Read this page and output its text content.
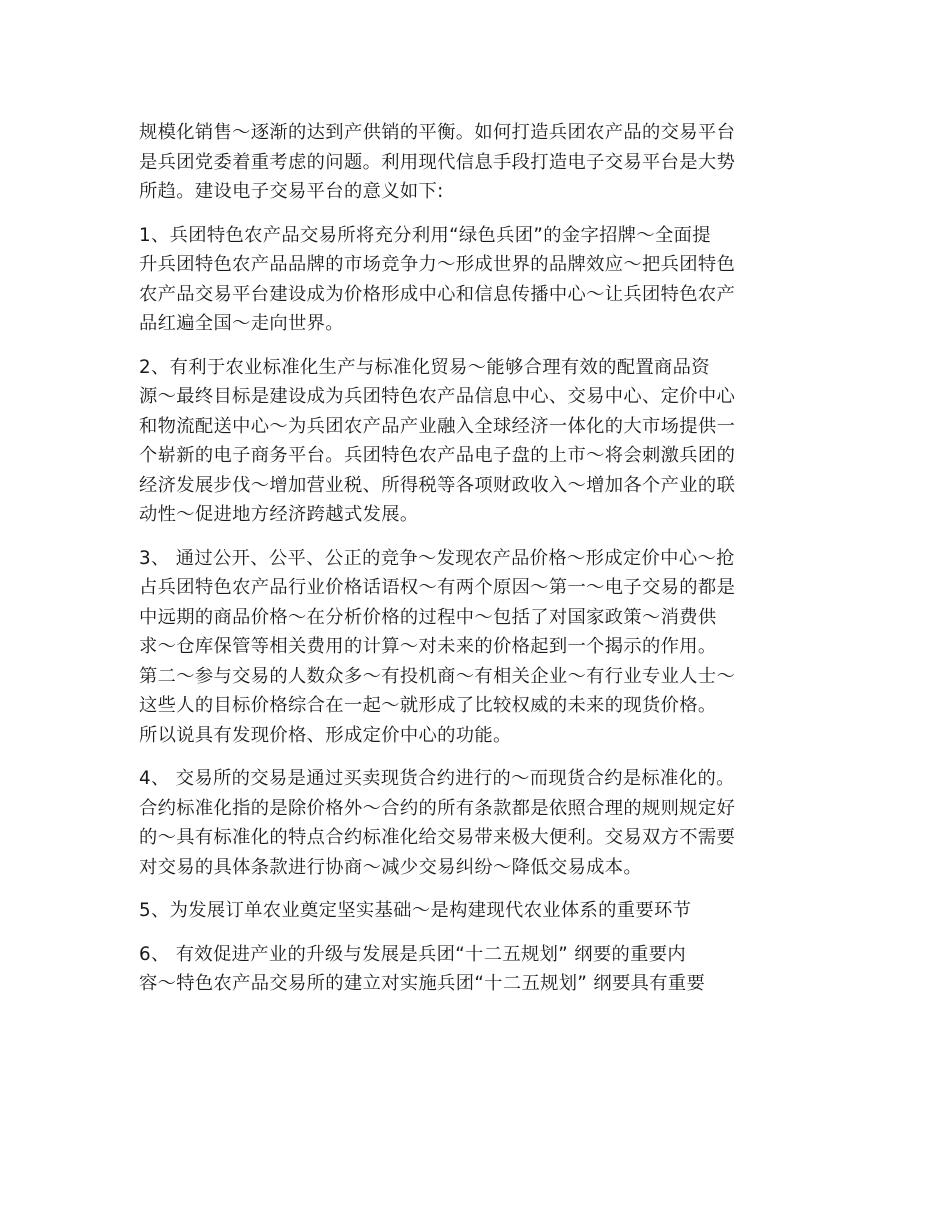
规模化销售～逐渐的达到产供销的平衡。如何打造兵团农产品的交易平台
是兵团党委着重考虑的问题。利用现代信息手段打造电子交易平台是大势
所趋。建设电子交易平台的意义如下:

1、兵团特色农产品交易所将充分利用“绿色兵团”的金字招牌～全面提
升兵团特色农产品品牌的市场竞争力～形成世界的品牌效应～把兵团特色
农产品交易平台建设成为价格形成中心和信息传播中心～让兵团特色农产
品红遍全国～走向世界。

2、有利于农业标准化生产与标准化贸易～能够合理有效的配置商品资
源～最终目标是建设成为兵团特色农产品信息中心、交易中心、定价中心
和物流配送中心～为兵团农产品产业融入全球经济一体化的大市场提供一
个崭新的电子商务平台。兵团特色农产品电子盘的上市～将会刺激兵团的
经济发展步伐～增加营业税、所得税等各项财政收入～增加各个产业的联
动性～促进地方经济跨越式发展。

3、 通过公开、公平、公正的竞争～发现农产品价格～形成定价中心～抢
占兵团特色农产品行业价格话语权～有两个原因～第一～电子交易的都是
中远期的商品价格～在分析价格的过程中～包括了对国家政策～消费供
求～仓库保管等相关费用的计算～对未来的价格起到一个揭示的作用。
第二～参与交易的人数众多～有投机商～有相关企业～有行业专业人士～
这些人的目标价格综合在一起～就形成了比较权威的未来的现货价格。
所以说具有发现价格、形成定价中心的功能。

4、 交易所的交易是通过买卖现货合约进行的～而现货合约是标准化的。
合约标准化指的是除价格外～合约的所有条款都是依照合理的规则规定好
的～具有标准化的特点合约标准化给交易带来极大便利。交易双方不需要
对交易的具体条款进行协商～减少交易纠纷～降低交易成本。

5、为发展订单农业奠定坚实基础～是构建现代农业体系的重要环节

6、 有效促进产业的升级与发展是兵团“十二五规划” 纲要的重要内
容～特色农产品交易所的建立对实施兵团“十二五规划” 纲要具有重要
